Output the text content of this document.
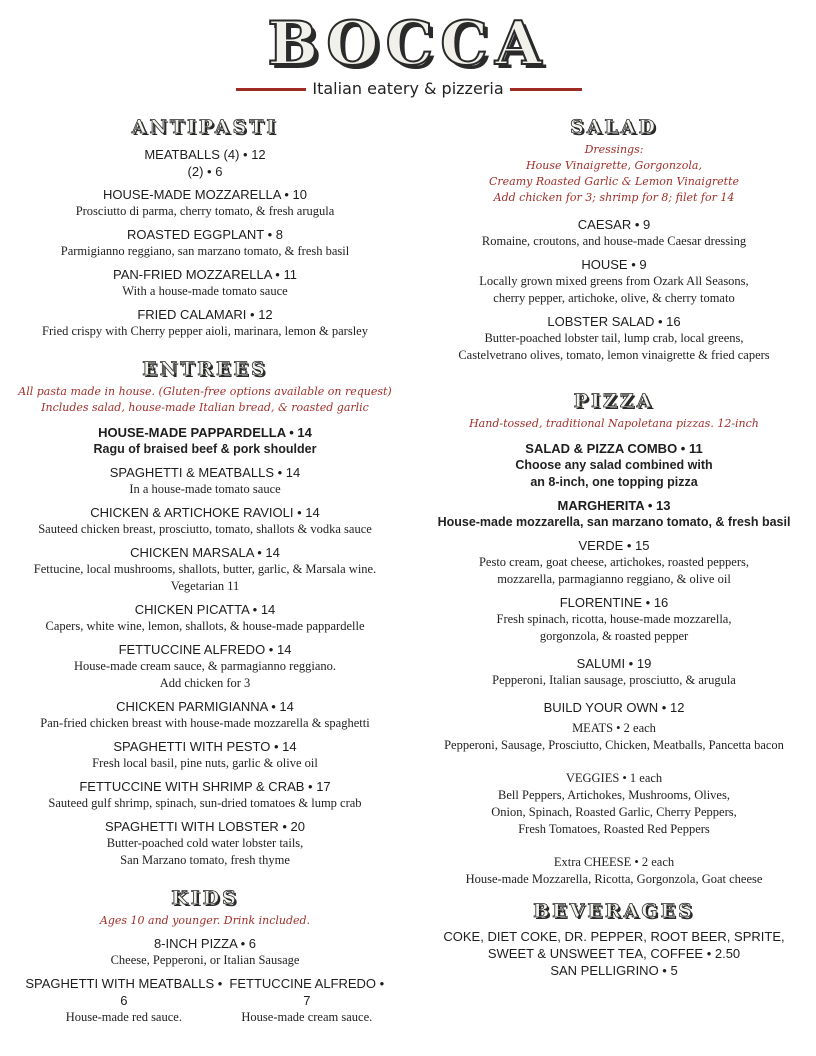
BOCCA
Italian eatery & pizzeria
ANTIPASTI
MEATBALLS (4) • 12
(2) • 6
HOUSE-MADE MOZZARELLA • 10
Prosciutto di parma, cherry tomato, & fresh arugula
ROASTED EGGPLANT • 8
Parmigianno reggiano, san marzano tomato, & fresh basil
PAN-FRIED MOZZARELLA • 11
With a house-made tomato sauce
FRIED CALAMARI • 12
Fried crispy with Cherry pepper aioli, marinara, lemon & parsley
ENTREES
All pasta made in house. (Gluten-free options available on request)
Includes salad, house-made Italian bread, & roasted garlic
HOUSE-MADE PAPPARDELLA • 14
Ragu of braised beef & pork shoulder
SPAGHETTI & MEATBALLS • 14
In a house-made tomato sauce
CHICKEN & ARTICHOKE RAVIOLI • 14
Sauteed chicken breast, prosciutto, tomato, shallots & vodka sauce
CHICKEN MARSALA • 14
Fettucine, local mushrooms, shallots, butter, garlic, & Marsala wine.
Vegetarian 11
CHICKEN PICATTA • 14
Capers, white wine, lemon, shallots, & house-made pappardelle
FETTUCCINE ALFREDO • 14
House-made cream sauce, & parmagianno reggiano.
Add chicken for 3
CHICKEN PARMIGIANNA • 14
Pan-fried chicken breast with house-made mozzarella & spaghetti
SPAGHETTI WITH PESTO • 14
Fresh local basil, pine nuts, garlic & olive oil
FETTUCCINE WITH SHRIMP & CRAB • 17
Sauteed gulf shrimp, spinach, sun-dried tomatoes & lump crab
SPAGHETTI WITH LOBSTER • 20
Butter-poached cold water lobster tails,
San Marzano tomato, fresh thyme
KIDS
Ages 10 and younger. Drink included.
8-INCH PIZZA • 6
Cheese, Pepperoni, or Italian Sausage
SPAGHETTI WITH MEATBALLS • 6
House-made red sauce.
FETTUCCINE ALFREDO • 7
House-made cream sauce.
SALAD
Dressings:
House Vinaigrette, Gorgonzola,
Creamy Roasted Garlic & Lemon Vinaigrette
Add chicken for 3; shrimp for 8; filet for 14
CAESAR • 9
Romaine, croutons, and house-made Caesar dressing
HOUSE • 9
Locally grown mixed greens from Ozark All Seasons,
cherry pepper, artichoke, olive, & cherry tomato
LOBSTER SALAD • 16
Butter-poached lobster tail, lump crab, local greens,
Castelvetrano olives, tomato, lemon vinaigrette & fried capers
PIZZA
Hand-tossed, traditional Napoletana pizzas. 12-inch
SALAD & PIZZA COMBO • 11
Choose any salad combined with
an 8-inch, one topping pizza
MARGHERITA • 13
House-made mozzarella, san marzano tomato, & fresh basil
VERDE • 15
Pesto cream, goat cheese, artichokes, roasted peppers,
mozzarella, parmagianno reggiano, & olive oil
FLORENTINE • 16
Fresh spinach, ricotta, house-made mozzarella,
gorgonzola, & roasted pepper
SALUMI • 19
Pepperoni, Italian sausage, prosciutto, & arugula
BUILD YOUR OWN • 12
MEATS • 2 each
Pepperoni, Sausage, Prosciutto, Chicken, Meatballs, Pancetta bacon
VEGGIES • 1 each
Bell Peppers, Artichokes, Mushrooms, Olives,
Onion, Spinach, Roasted Garlic, Cherry Peppers,
Fresh Tomatoes, Roasted Red Peppers
Extra CHEESE • 2 each
House-made Mozzarella, Ricotta, Gorgonzola, Goat cheese
BEVERAGES
COKE, DIET COKE, DR. PEPPER, ROOT BEER, SPRITE,
SWEET & UNSWEET TEA, COFFEE • 2.50
SAN PELLIGRINO • 5
